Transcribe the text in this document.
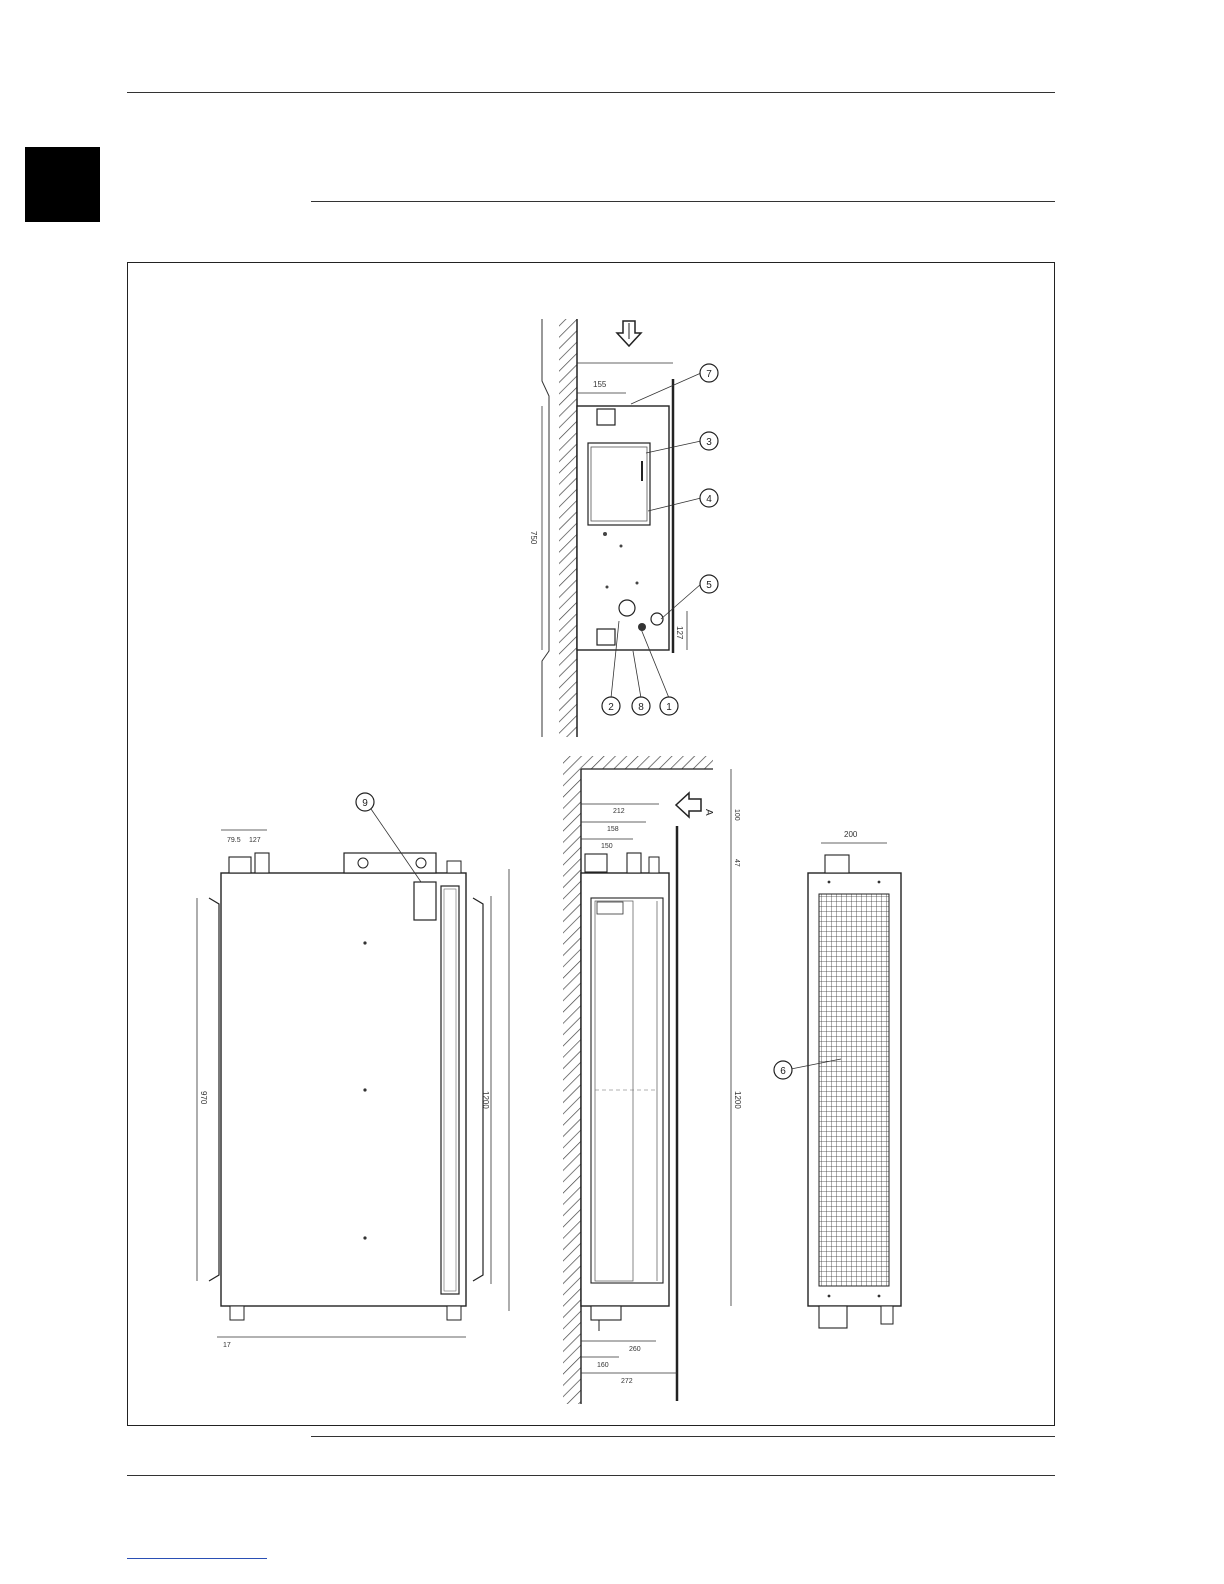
155
750
127
7
3
4
5
2 8 1
970	1200
79.5 127
17
9
212
158
150
100
47
1200
260
160
272
A
200
6
